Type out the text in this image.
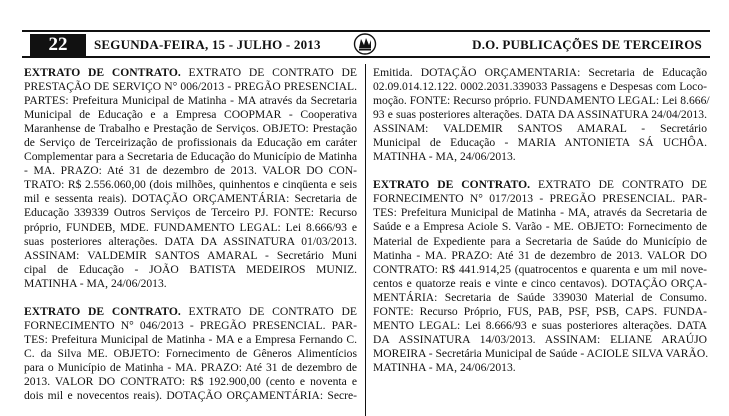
22	SEGUNDA-FEIRA, 15 - JULHO - 2013	D.O. PUBLICAÇÕES DE TERCEIROS
EXTRATO DE CONTRATO. EXTRATO DE CONTRATO DE
PRESTAÇÃO DE SERVIÇO N° 006/2013 - PREGÃO PRESENCIAL.
PARTES: Prefeitura Municipal de Matinha - MA através da Secretaria
Municipal de Educação e a Empresa COOPMAR - Cooperativa
Maranhense de Trabalho e Prestação de Serviços. OBJETO: Prestação
de Serviço de Terceirização de profissionais da Educação em caráter
Complementar para a Secretaria de Educação do Município de Matinha
- MA. PRAZO: Até 31 de dezembro de 2013. VALOR DO CON-
TRATO: R$ 2.556.060,00 (dois milhões, quinhentos e cinqüenta e seis
mil e sessenta reais). DOTAÇÃO ORÇAMENTÁRIA: Secretaria de
Educação 339339 Outros Serviços de Terceiro PJ. FONTE: Recurso
próprio, FUNDEB, MDE. FUNDAMENTO LEGAL: Lei 8.666/93 e
suas posteriores alterações. DATA DA ASSINATURA 01/03/2013.
ASSINAM: VALDEMIR SANTOS AMARAL - Secretário Muni
cipal de Educação - JOÃO BATISTA MEDEIROS MUNIZ.
MATINHA - MA, 24/06/2013.
EXTRATO DE CONTRATO. EXTRATO DE CONTRATO DE
FORNECIMENTO N° 046/2013 - PREGÃO PRESENCIAL. PAR-
TES: Prefeitura Municipal de Matinha - MA e a Empresa Fernando C.
C. da Silva ME. OBJETO: Fornecimento de Gêneros Alimentícios
para o Município de Matinha - MA. PRAZO: Até 31 de dezembro de
2013. VALOR DO CONTRATO: R$ 192.900,00 (cento e noventa e
dois mil e novecentos reais). DOTAÇÃO ORÇAMENTÁRIA: Secre-
Emitida. DOTAÇÃO ORÇAMENTARIA: Secretaria de Educação
02.09.014.12.122. 0002.2031.339033 Passagens e Despesas com Loco-
moção. FONTE: Recurso próprio. FUNDAMENTO LEGAL: Lei 8.666/
93 e suas posteriores alterações. DATA DA ASSINATURA 24/04/2013.
ASSINAM: VALDEMIR SANTOS AMARAL - Secretário
Municipal de Educação - MARIA ANTONIETA SÁ UCHÔA.
MATINHA - MA, 24/06/2013.
EXTRATO DE CONTRATO. EXTRATO DE CONTRATO DE
FORNECIMENTO N° 017/2013 - PREGÃO PRESENCIAL. PAR-
TES: Prefeitura Municipal de Matinha - MA, através da Secretaria de
Saúde e a Empresa Aciole S. Varão - ME. OBJETO: Fornecimento de
Material de Expediente para a Secretaria de Saúde do Município de
Matinha - MA. PRAZO: Até 31 de dezembro de 2013. VALOR DO
CONTRATO: R$ 441.914,25 (quatrocentos e quarenta e um mil nove-
centos e quatorze reais e vinte e cinco centavos). DOTAÇÃO ORÇA-
MENTÁRIA: Secretaria de Saúde 339030 Material de Consumo.
FONTE: Recurso Próprio, FUS, PAB, PSF, PSB, CAPS. FUNDA-
MENTO LEGAL: Lei 8.666/93 e suas posteriores alterações. DATA
DA ASSINATURA 14/03/2013. ASSINAM: ELIANE ARAÚJO
MOREIRA - Secretária Municipal de Saúde - ACIOLE SILVA VARÃO.
MATINHA - MA, 24/06/2013.
